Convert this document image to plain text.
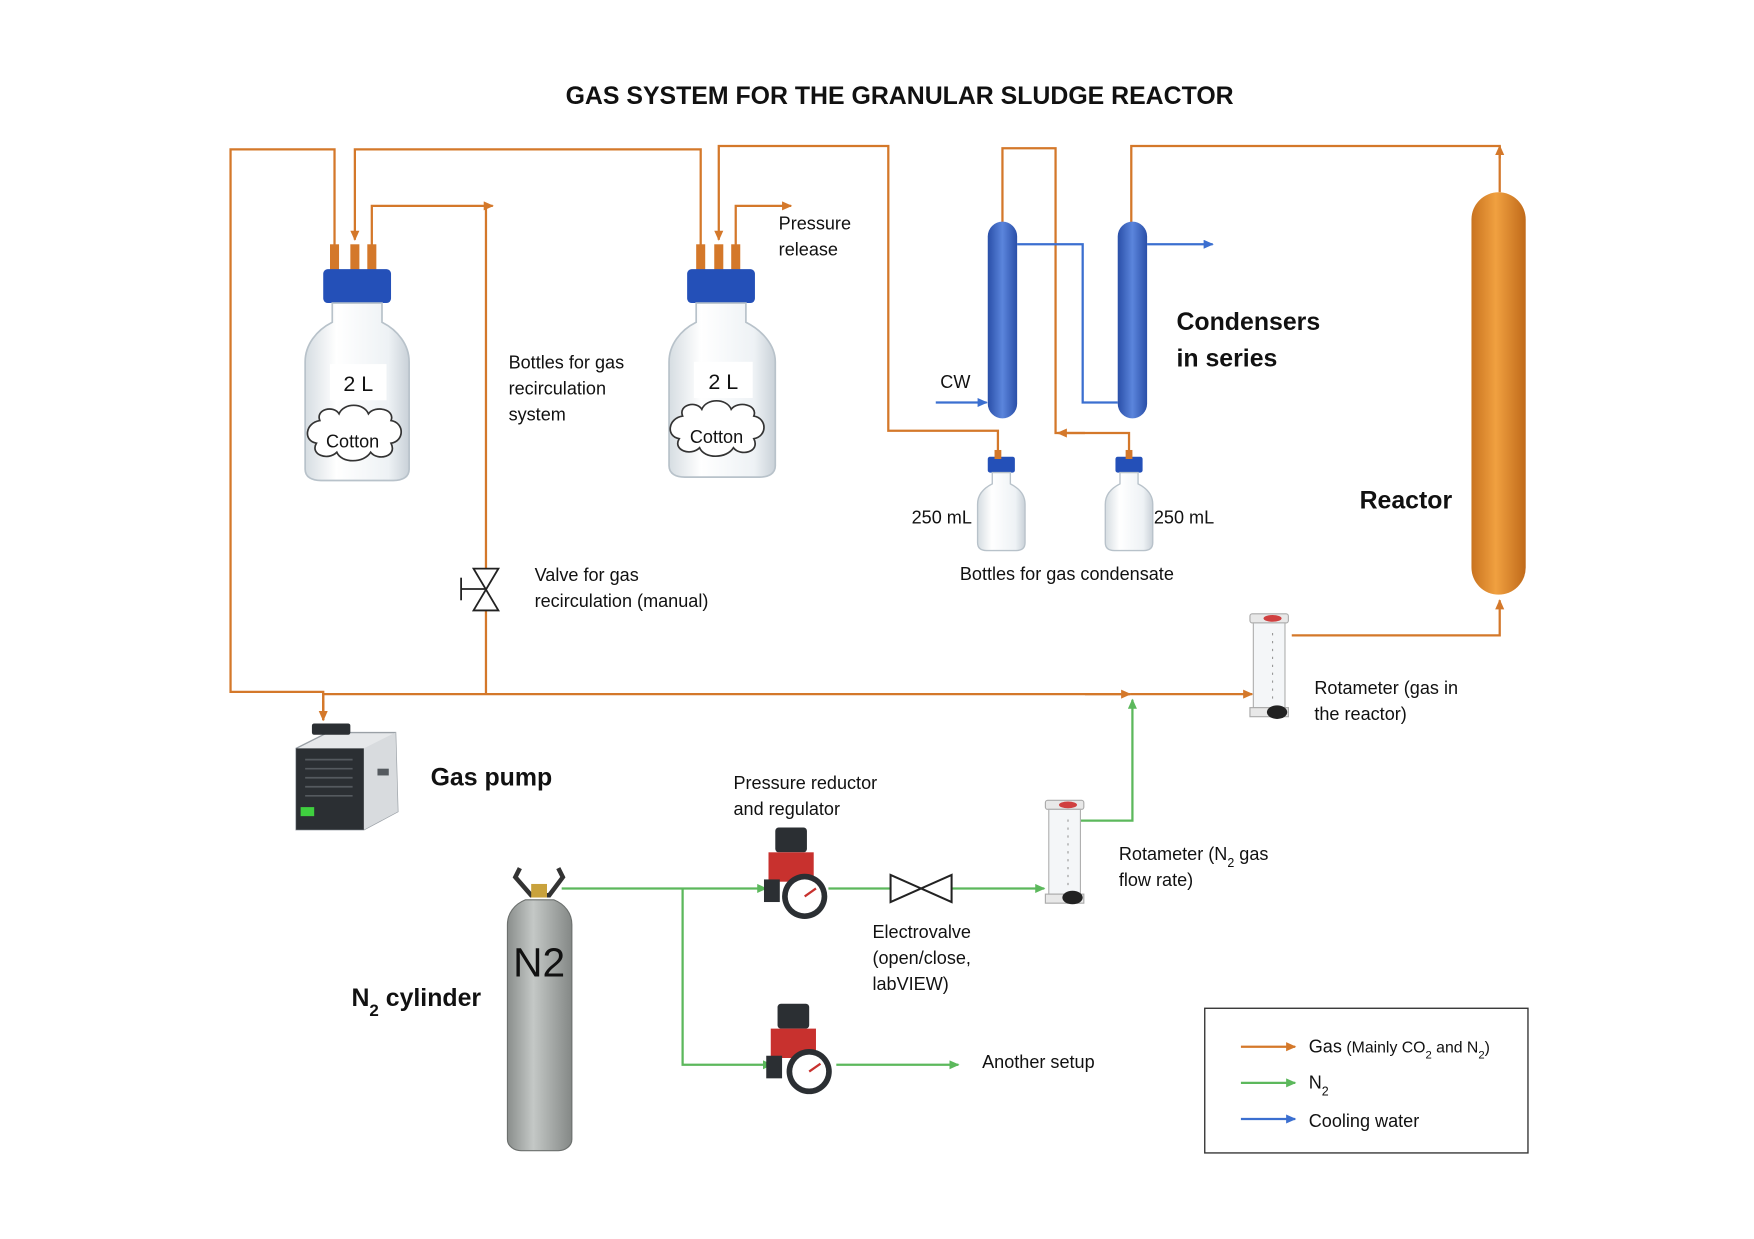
GAS SYSTEM FOR THE GRANULAR SLUDGE REACTOR
2 L
Cotton
2 L
Cotton
250 mL	250 mL
N2
Pressure release
Bottles for gas recirculation system
Condensers in series
CW
Reactor
Bottles for gas condensate
Valve for gas recirculation (manual)
Rotameter (gas in the reactor)
Gas pump	Pressure reductor and regulator
Rotameter ($N_2$ gas flow rate)
Electrovalve (open/close, labVIEW)
$N_2$ cylinder
Another setup
Gas (Mainly $CO_2$ and $N_2$)
$N_2$
Cooling water
